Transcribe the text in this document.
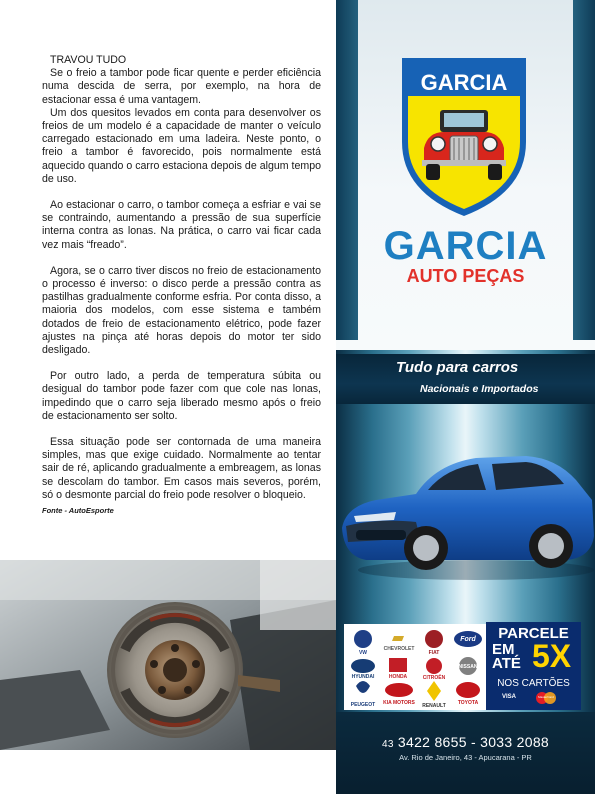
TRAVOU TUDO

Se o freio a tambor pode ficar quente e perder eficiência numa descida de serra, por exemplo, na hora de estacionar essa é uma vantagem.

Um dos quesitos levados em conta para desenvolver os freios de um modelo é a capacidade de manter o veículo carregado estacionado em uma ladeira. Neste ponto, o freio a tambor é favorecido, pois normalmente está aquecido quando o carro estaciona depois de algum tempo de uso.

Ao estacionar o carro, o tambor começa a esfriar e vai se se contraindo, aumentando a pressão de sua superfície interna contra as lonas. Na prática, o carro vai ficar cada vez mais “freado”.

Agora, se o carro tiver discos no freio de estacionamento o processo é inverso: o disco perde a pressão contra as pastilhas gradualmente conforme esfria. Por conta disso, a maioria dos modelos, com esse sistema e também dotados de freio de estacionamento elétrico, pode fazer ajustes na pinça até horas depois do motor ter sido desligado.

Por outro lado, a perda de temperatura súbita ou desigual do tambor pode fazer com que cole nas lonas, impedindo que o carro seja liberado mesmo após o freio de estacionamento ser solto.

Essa situação pode ser contornada de uma maneira simples, mas que exige cuidado. Normalmente ao tentar sair de ré, aplicando gradualmente a embreagem, as lonas se descolam do tambor. Em casos mais severos, porém, só o desmonte parcial do freio pode resolver o bloqueio.

Fonte - AutoEsporte
GARCIA
GARCIA
AUTO PEÇAS
Tudo para carros
Nacionais e Importados
VW
CHEVROLET
FIAT
Ford
HYUNDAI	HONDA	CITROËN
NISSAN
PEUGEOT	KIA MOTORS	RENAULT	TOYOTA
PARCELE
EM
ATÉ 5X
NOS CARTÕES
VISA	MasterCard
43 3422 8655 - 3033 2088
Av. Rio de Janeiro, 43 - Apucarana - PR
